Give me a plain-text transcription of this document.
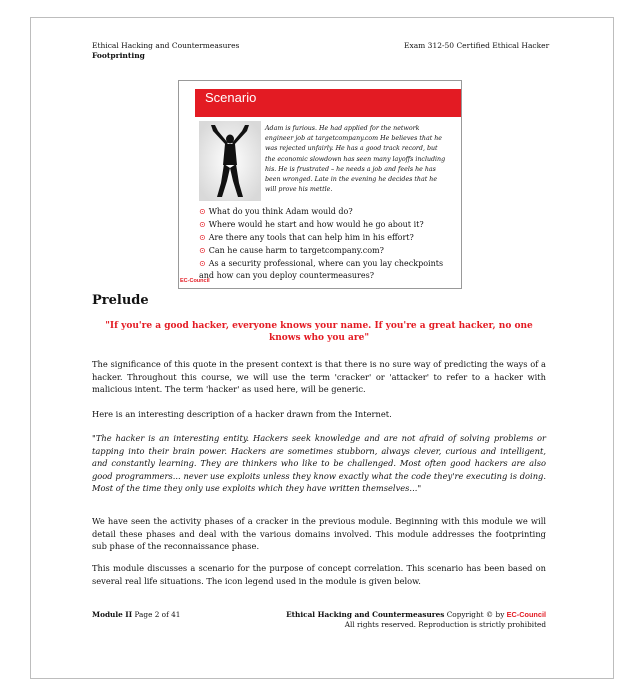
Ethical Hacking and Countermeasures
Footprinting
Exam 312-50 Certified Ethical Hacker
Scenario
Adam is furious. He had applied for the network engineer job at targetcompany.com He believes that he was rejected unfairly. He has a good track record, but the economic slowdown has seen many layoffs including his. He is frustrated – he needs a job and feels he has been wronged. Late in the evening he decides that he will prove his mettle.
⊙ What do you think Adam would do?
⊙ Where would he start and how would he go about it?
⊙ Are there any tools that can help him in his effort?
⊙ Can he cause harm to targetcompany.com?
⊙ As a security professional, where can you lay checkpoints and how can you deploy countermeasures?
EC-Council
Prelude
"If you're a good hacker, everyone knows your name. If you're a great hacker, no one knows who you are"
The significance of this quote in the present context is that there is no sure way of predicting the ways of a hacker. Throughout this course, we will use the term 'cracker' or 'attacker' to refer to a hacker with malicious intent. The term 'hacker' as used here, will be generic.
Here is an interesting description of a hacker drawn from the Internet.
"The hacker is an interesting entity. Hackers seek knowledge and are not afraid of solving problems or tapping into their brain power. Hackers are sometimes stubborn, always clever, curious and intelligent, and constantly learning. They are thinkers who like to be challenged. Most often good hackers are also good programmers... never use exploits unless they know exactly what the code they're executing is doing. Most of the time they only use exploits which they have written themselves..."
We have seen the activity phases of a cracker in the previous module. Beginning with this module we will detail these phases and deal with the various domains involved. This module addresses the footprinting sub phase of the reconnaissance phase.
This module discusses a scenario for the purpose of concept correlation. This scenario has been based on several real life situations. The icon legend used in the module is given below.
Module II Page 2 of 41	Ethical Hacking and Countermeasures Copyright © by EC-Council
All rights reserved. Reproduction is strictly prohibited
